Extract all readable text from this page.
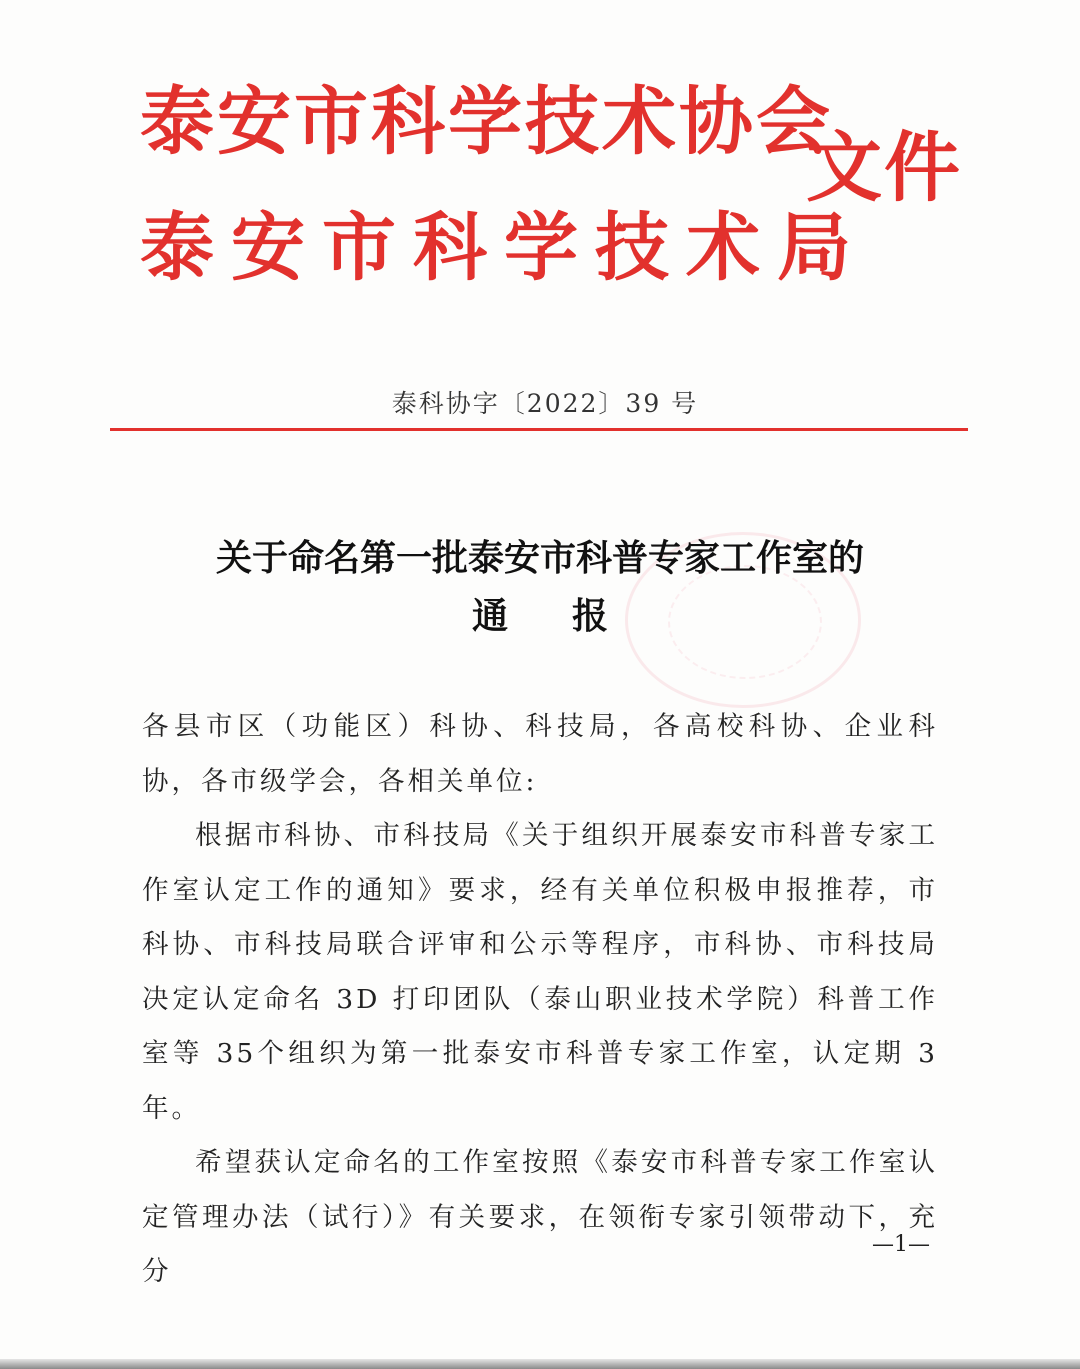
泰安市科学技术协会
泰安市科学技术局
文件
泰科协字〔2022〕39 号
关于命名第一批泰安市科普专家工作室的
通报

各县市区（功能区）科协、科技局，各高校科协、企业科协，各市级学会，各相关单位:

根据市科协、市科技局《关于组织开展泰安市科普专家工作室认定工作的通知》要求，经有关单位积极申报推荐，市科协、市科技局联合评审和公示等程序，市科协、市科技局决定认定命名 3D 打印团队（泰山职业技术学院）科普工作室等 35个组织为第一批泰安市科普专家工作室，认定期 3 年。

希望获认定命名的工作室按照《泰安市科普专家工作室认定管理办法（试行）》有关要求，在领衔专家引领带动下，充分

—1—
